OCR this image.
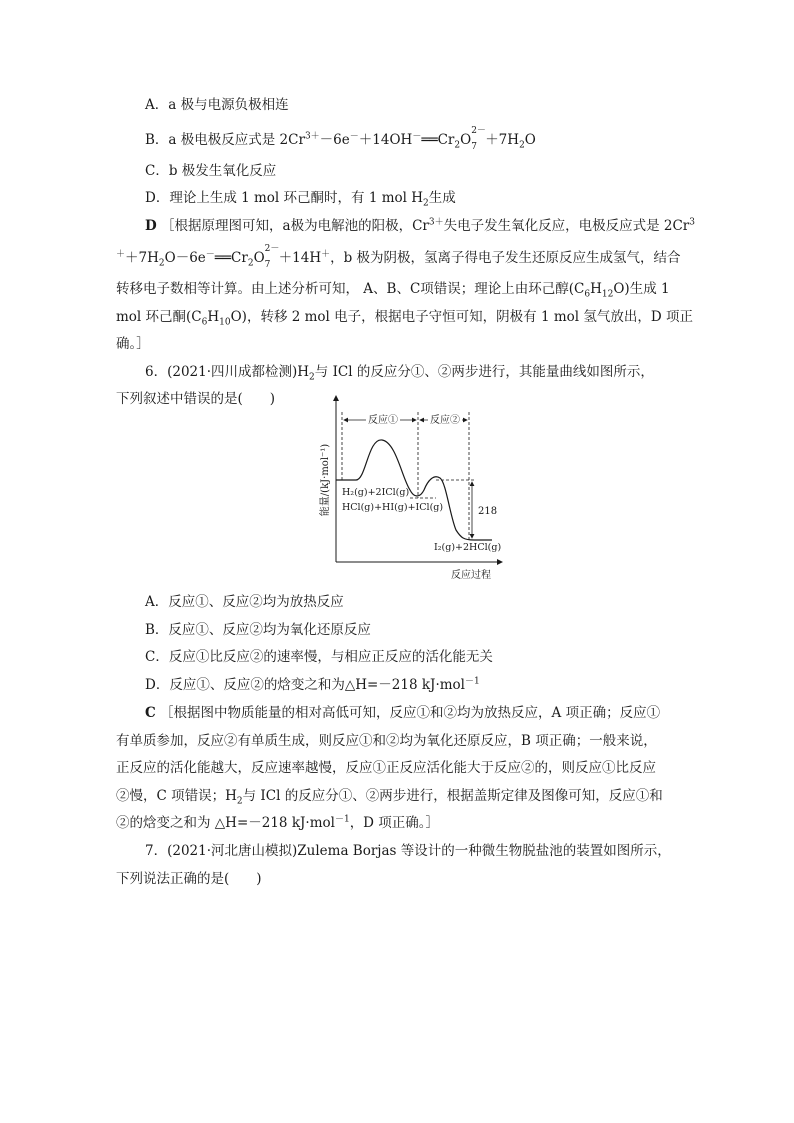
A．a 极与电源负极相连
B．a 极电极反应式是 $2Cr^{3+}-6e^-+14OH^-══Cr_2O$
2－
$7 +7H_2O$
C．b 极发生氧化反应
D．理论上生成 1 mol 环己酮时，有 1 mol $H_2$生成
D ［根据原理图可知，a极为电解池的阳极，$Cr^{3+}$失电子发生氧化反应，电极反应式是 2Cr$^3$
$^++7H_2O-6e^-══Cr_2O$
2－
7 ＋14H＋，b 极为阴极，氢离子得电子发生还原反应生成氢气，结合
转移电子数相等计算。由上述分析可知， A、B、C项错误；理论上由环己醇$(C_6H_{12}O)$生成 1
mol 环己酮$(C_6H_{10}O)$，转移 2 mol 电子，根据电子守恒可知，阴极有 1 mol 氢气放出，D 项正
确。］
6．(2021·四川成都检测)$H_2$与 ICl 的反应分①、②两步进行，其能量曲线如图所示，
下列叙述中错误的是(　　)
能量/(kJ·mol⁻¹)
反应过程
反应①	反应②
218
H₂(g)+2ICl(g)
HCl(g)+HI(g)+ICl(g)
I₂(g)+2HCl(g)
A．反应①、反应②均为放热反应
B．反应①、反应②均为氧化还原反应
C．反应①比反应②的速率慢，与相应正反应的活化能无关
D．反应①、反应②的焓变之和为△H=－218 kJ·mol$^{-1}$
C ［根据图中物质能量的相对高低可知，反应①和②均为放热反应，A 项正确；反应①
有单质参加，反应②有单质生成，则反应①和②均为氧化还原反应，B 项正确；一般来说，
正反应的活化能越大，反应速率越慢，反应①正反应活化能大于反应②的，则反应①比反应
②慢，C 项错误；$H_2$与 ICl 的反应分①、②两步进行，根据盖斯定律及图像可知，反应①和
②的焓变之和为 △H=－218 kJ·mol$^{-1}$，D 项正确。］
7．(2021·河北唐山模拟)Zulema Borjas 等设计的一种微生物脱盐池的装置如图所示，
下列说法正确的是(　　)
